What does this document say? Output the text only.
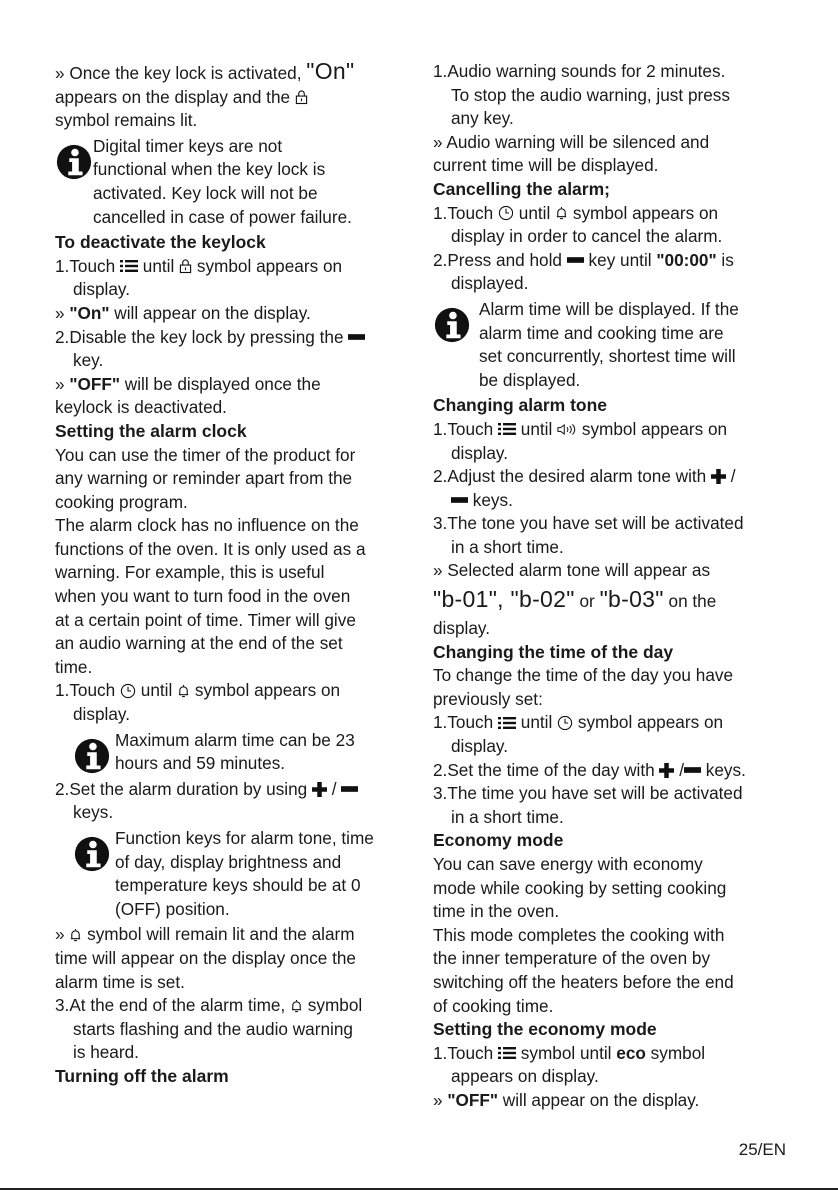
» Once the key lock is activated, "On"
appears on the display and the
symbol remains lit.
Digital timer keys are not
functional when the key lock is
activated. Key lock will not be
cancelled in case of power failure.
To deactivate the keylock
1.Touch  until  symbol appears on
display.
» "On" will appear on the display.
2.Disable the key lock by pressing the
key.
» "OFF" will be displayed once the
keylock is deactivated.
Setting the alarm clock
You can use the timer of the product for
any warning or reminder apart from the
cooking program.
The alarm clock has no influence on the
functions of the oven. It is only used as a
warning. For example, this is useful
when you want to turn food in the oven
at a certain point of time. Timer will give
an audio warning at the end of the set
time.
1.Touch  until  symbol appears on
display.
Maximum alarm time can be 23
hours and 59 minutes.
2.Set the alarm duration by using  /
keys.
Function keys for alarm tone, time
of day, display brightness and
temperature keys should be at 0
(OFF) position.
»  symbol will remain lit and the alarm
time will appear on the display once the
alarm time is set.
3.At the end of the alarm time,  symbol
starts flashing and the audio warning
is heard.
Turning off the alarm
1.Audio warning sounds for 2 minutes.
To stop the audio warning, just press
any key.
» Audio warning will be silenced and
current time will be displayed.
Cancelling the alarm;
1.Touch  until  symbol appears on
display in order to cancel the alarm.
2.Press and hold  key until "00:00" is
displayed.
Alarm time will be displayed. If the
alarm time and cooking time are
set concurrently, shortest time will
be displayed.
Changing alarm tone
1.Touch  until  symbol appears on
display.
2.Adjust the desired alarm tone with  /
keys.
3.The tone you have set will be activated
in a short time.
» Selected alarm tone will appear as
"b-01", "b-02" or "b-03" on the
display.
Changing the time of the day
To change the time of the day you have
previously set:
1.Touch  until  symbol appears on
display.
2.Set the time of the day with  / keys.
3.The time you have set will be activated
in a short time.
Economy mode
You can save energy with economy
mode while cooking by setting cooking
time in the oven.
This mode completes the cooking with
the inner temperature of the oven by
switching off the heaters before the end
of cooking time.
Setting the economy mode
1.Touch  symbol until eco symbol
appears on display.
» "OFF" will appear on the display.
25/EN
